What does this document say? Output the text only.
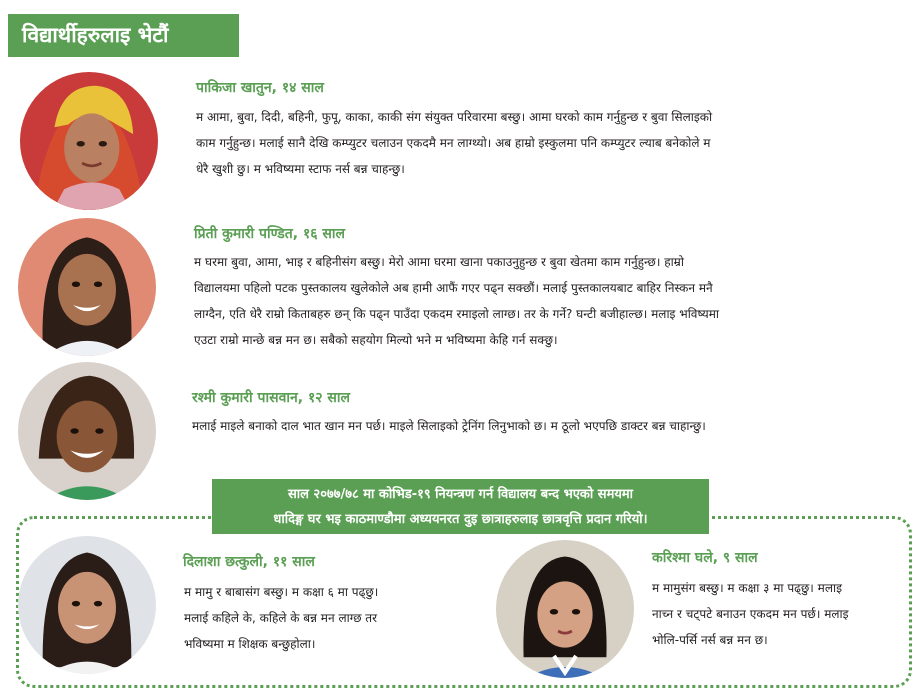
विद्यार्थीहरुलाइ भेटौं
पाकिजा खातुन, १४ साल
म आमा, बुवा, दिदी, बहिनी, फुपू, काका, काकी संग संयुक्त परिवारमा बस्छु। आमा घरको काम गर्नुहुन्छ र बुवा सिलाइको
काम गर्नुहुन्छ। मलाई सानै देखि कम्प्युटर चलाउन एकदमै मन लाग्थ्यो। अब हाम्रो इस्कुलमा पनि कम्प्युटर ल्याब बनेकोले म
धेरै खुशी छु। म भविष्यमा स्टाफ नर्स बन्न चाहन्छु।
प्रिती कुमारी पण्डित, १६ साल
म घरमा बुवा, आमा, भाइ र बहिनीसंग बस्छु। मेरो आमा घरमा खाना पकाउनुहुन्छ र बुवा खेतमा काम गर्नुहुन्छ। हाम्रो
विद्यालयमा पहिलो पटक पुस्तकालय खुलेकोले अब हामी आफैं गएर पढ्न सक्छौं। मलाई पुस्तकालयबाट बाहिर निस्कन मनै
लाग्दैन, एति धेरै राम्रो किताबहरु छन् कि पढ्न पाउँदा एकदम रमाइलो लाग्छ। तर के गर्ने? घन्टी बजीहाल्छ। मलाइ भविष्यमा
एउटा राम्रो मान्छे बन्न मन छ। सबैको सहयोग मिल्यो भने म भविष्यमा केहि गर्न सक्छु।
रश्मी कुमारी पासवान, १२ साल
मलाई माइले बनाको दाल भात खान मन पर्छ। माइले सिलाइको ट्रेनिंग लिनुभाको छ। म ठूलो भएपछि डाक्टर बन्न चाहान्छु।
साल २०७७/७८ मा कोभिड-१९ नियन्त्रण गर्न विद्यालय बन्द भएको समयमा
धादिङ्ग घर भइ काठमाण्डौमा अध्ययनरत दुइ छात्राहरुलाइ छात्रवृत्ति प्रदान गरियो।
दिलाशा छत्कुली, ११ साल
म मामु र बाबासंग बस्छु। म कक्षा ६ मा पढ्छु।
मलाई कहिले के, कहिले के बन्न मन लाग्छ तर
भविष्यमा म शिक्षक बन्छुहोला।
करिश्मा घले, ९ साल
म मामुसंग बस्छु। म कक्षा ३ मा पढ्छु। मलाइ
नाच्न र चट्पटे बनाउन एकदम मन पर्छ। मलाइ
भोलि-पर्सि नर्स बन्न मन छ।
